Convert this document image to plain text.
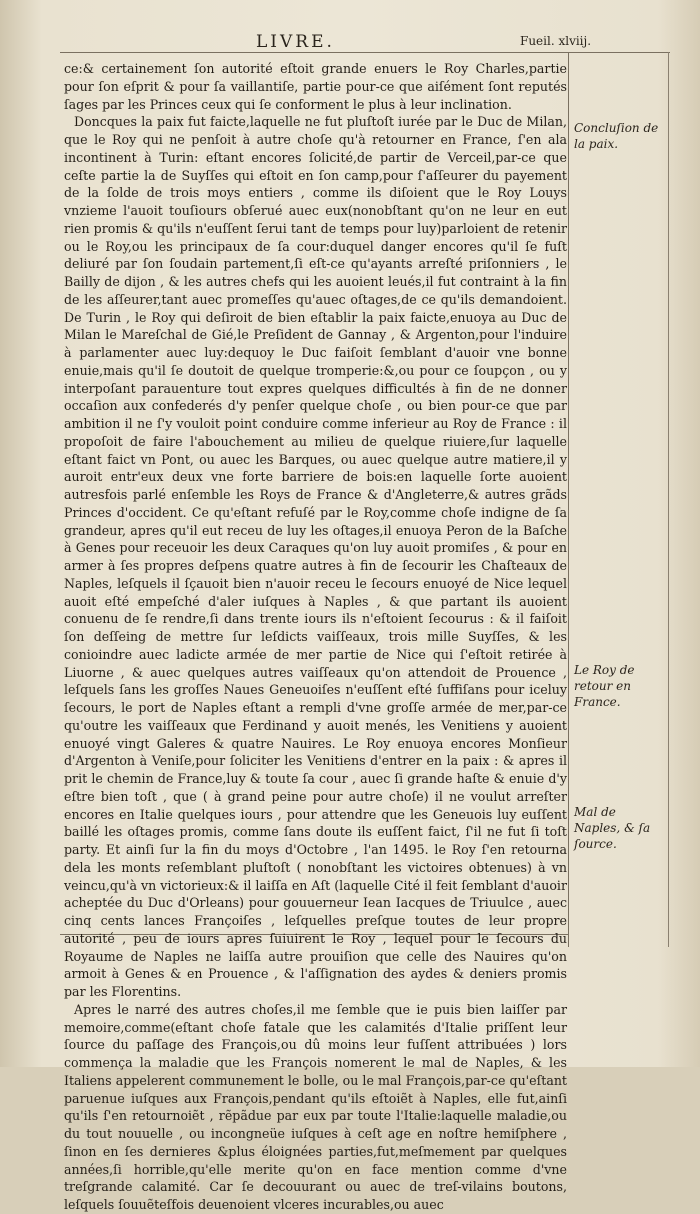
LIVRE.	Fueil. xlviij.

ce:& certainement ſon autorité eſtoit grande enuers le Roy Charles,partie pour ſon eſprit & pour ſa vaillantiſe, partie pour-ce que aiſément ſont reputés ſages par les Princes ceux qui ſe conforment le plus à leur inclination.

Doncques la paix fut faicte,laquelle ne fut pluſtoſt iurée par le Duc de Milan, que le Roy qui ne penſoit à autre choſe qu'à retourner en France, ſ'en ala incontinent à Turin: eſtant encores ſolicité,de partir de Verceil,par-ce que ceſte partie la de Suyſſes qui eſtoit en ſon camp,pour ſ'aſſeurer du payement de la ſolde de trois moys entiers , comme ils diſoient que le Roy Louys vnzieme l'auoit touſiours obſerué auec eux(nonobſtant qu'on ne leur en eut rien promis & qu'ils n'euſſent ſerui tant de temps pour luy)parloient de retenir ou le Roy,ou les principaux de ſa cour:duquel danger encores qu'il ſe fuſt deliuré par ſon ſoudain partement,ſi eſt-ce qu'ayants arreſté priſonniers , le Bailly de dijon , & les autres chefs qui les auoient leués,il fut contraint à la fin de les aſſeurer,tant auec promeſſes qu'auec oſtages,de ce qu'ils demandoient. De Turin , le Roy qui deſiroit de bien eſtablir la paix faicte,enuoya au Duc de Milan le Mareſchal de Gié,le Preſident de Gannay , & Argenton,pour l'induire à parlamenter auec luy:dequoy le Duc faiſoit ſemblant d'auoir vne bonne enuie,mais qu'il ſe doutoit de quelque tromperie:&,ou pour ce ſoupçon , ou y interpoſant parauenture tout expres quelques difficultés à fin de ne donner occaſion aux confederés d'y penſer quelque choſe , ou bien pour-ce que par ambition il ne ſ'y vouloit point conduire comme inferieur au Roy de France : il propoſoit de faire l'abouchement au milieu de quelque riuiere,ſur laquelle eſtant faict vn Pont, ou auec les Barques, ou auec quelque autre matiere,il y auroit entr'eux deux vne forte barriere de bois:en laquelle ſorte auoient autresfois parlé enſemble les Roys de France & d'Angleterre,& autres grãds Princes d'occident. Ce qu'eſtant refuſé par le Roy,comme choſe indigne de ſa grandeur, apres qu'il eut receu de luy les oſtages,il enuoya Peron de la Baſche à Genes pour receuoir les deux Caraques qu'on luy auoit promiſes , & pour en armer à ſes propres deſpens quatre autres à fin de ſecourir les Chaſteaux de Naples, leſquels il ſçauoit bien n'auoir receu le ſecours enuoyé de Nice lequel auoit eſté empeſché d'aler iuſques à Naples , & que partant ils auoient conuenu de ſe rendre,ſi dans trente iours ils n'eſtoient ſecourus : & il faiſoit ſon deſſeing de mettre ſur leſdicts vaiſſeaux, trois mille Suyſſes, & les conioindre auec ladicte armée de mer partie de Nice qui ſ'eſtoit retirée à Liuorne , & auec quelques autres vaiſſeaux qu'on attendoit de Prouence , leſquels ſans les groſſes Naues Geneuoiſes n'euſſent eſté ſuffiſans pour iceluy ſecours, le port de Naples eſtant a rempli d'vne groſſe armée de mer,par-ce qu'outre les vaiſſeaux que Ferdinand y auoit menés, les Venitiens y auoient enuoyé vingt Galeres & quatre Nauires. Le Roy enuoya encores Monſieur d'Argenton à Veniſe,pour ſoliciter les Venitiens d'entrer en la paix : & apres il prit le chemin de France,luy & toute ſa cour , auec ſi grande haſte & enuie d'y eſtre bien toſt , que ( à grand peine pour autre choſe) il ne voulut arreſter encores en Italie quelques iours , pour attendre que les Geneuois luy euſſent baillé les oſtages promis, comme ſans doute ils euſſent faict, ſ'il ne fut ſi toſt party. Et ainſi ſur la fin du moys d'Octobre , l'an 1495. le Roy ſ'en retourna dela les monts reſemblant pluſtoſt ( nonobſtant les victoires obtenues) à vn veincu,qu'à vn victorieux:& il laiſſa en Aſt (laquelle Cité il feit ſemblant d'auoir acheptée du Duc d'Orleans) pour gouuerneur Iean Iacques de Triuulce , auec cinq cents lances Françoiſes , leſquelles preſque toutes de leur propre autorité , peu de iours apres ſuiuirent le Roy , lequel pour le ſecours du Royaume de Naples ne laiſſa autre prouiſion que celle des Nauires qu'on armoit à Genes & en Prouence , & l'aſſignation des aydes & deniers promis par les Florentins.

Apres le narré des autres choſes,il me ſemble que ie puis bien laiſſer par memoire,comme(eſtant choſe fatale que les calamités d'Italie priſſent leur ſource du paſſage des François,ou dû moins leur fuſſent attribuées ) lors commença la maladie que les François nomerent le mal de Naples, & les Italiens appelerent communement le bolle, ou le mal François,par-ce qu'eſtant paruenue iuſques aux François,pendant qu'ils eſtoiẽt à Naples, elle fut,ainſi qu'ils ſ'en retournoiẽt , rẽpãdue par eux par toute l'Italie:laquelle maladie,ou du tout nouuelle , ou incongneüe iuſques à ceſt age en noſtre hemiſphere , ſinon en ſes dernieres &plus éloignées parties,fut,meſmement par quelques années,ſi horrible,qu'elle merite qu'on en face mention comme d'vne treſgrande calamité. Car ſe decouurant ou auec de treſ-vilains boutons, leſquels ſouuẽteſfois deuenoient vlceres incurables,ou auec

Concluſion de la paix.
Le Roy de retour en France.
Mal de Naples, & ſa ſource.
